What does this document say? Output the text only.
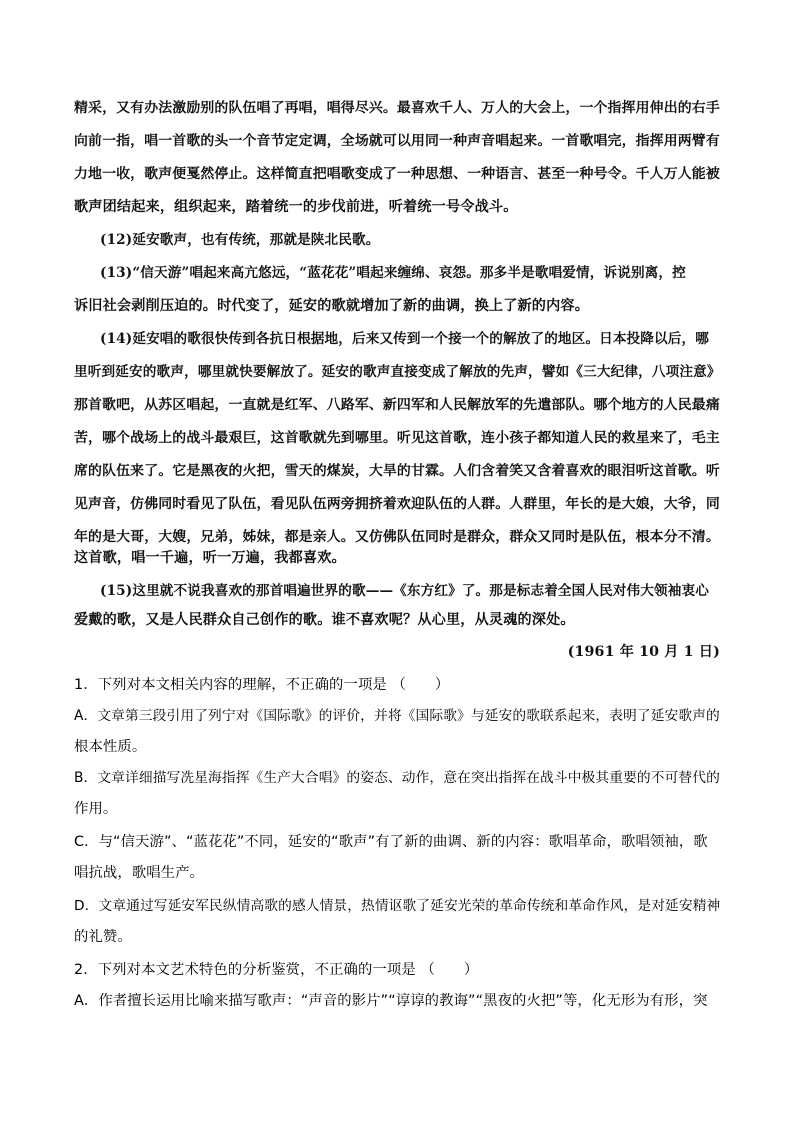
精采，又有办法激励别的队伍唱了再唱，唱得尽兴。最喜欢千人、万人的大会上，一个指挥用伸出的右手
向前一指，唱一首歌的头一个音节定定调，全场就可以用同一种声音唱起来。一首歌唱完，指挥用两臂有
力地一收，歌声便戛然停止。这样简直把唱歌变成了一种思想、一种语言、甚至一种号令。千人万人能被
歌声团结起来，组织起来，踏着统一的步伐前进，听着统一号令战斗。
(12)延安歌声，也有传统，那就是陕北民歌。
(13)“信天游”唱起来高亢悠远，“蓝花花”唱起来缠绵、哀怨。那多半是歌唱爱情，诉说别离，控
诉旧社会剥削压迫的。时代变了，延安的歌就增加了新的曲调，换上了新的内容。
(14)延安唱的歌很快传到各抗日根据地，后来又传到一个接一个的解放了的地区。日本投降以后，哪
里听到延安的歌声，哪里就快要解放了。延安的歌声直接变成了解放的先声，譬如《三大纪律，八项注意》
那首歌吧，从苏区唱起，一直就是红军、八路军、新四军和人民解放军的先遣部队。哪个地方的人民最痛
苦，哪个战场上的战斗最艰巨，这首歌就先到哪里。听见这首歌，连小孩子都知道人民的救星来了，毛主
席的队伍来了。它是黑夜的火把，雪天的煤炭，大旱的甘霖。人们含着笑又含着喜欢的眼泪听这首歌。听
见声音，仿佛同时看见了队伍，看见队伍两旁拥挤着欢迎队伍的人群。人群里，年长的是大娘，大爷，同
年的是大哥，大嫂，兄弟，姊妹，都是亲人。又仿佛队伍同时是群众，群众又同时是队伍，根本分不清。
这首歌，唱一千遍，听一万遍，我都喜欢。
(15)这里就不说我喜欢的那首唱遍世界的歌——《东方红》了。那是标志着全国人民对伟大领袖衷心
爱戴的歌，又是人民群众自己创作的歌。谁不喜欢呢？从心里，从灵魂的深处。
(1961 年 10 月 1 日)
1．下列对本文相关内容的理解，不正确的一项是 （　　）
A．文章第三段引用了列宁对《国际歌》的评价，并将《国际歌》与延安的歌联系起来，表明了延安歌声的
根本性质。
B．文章详细描写冼星海指挥《生产大合唱》的姿态、动作，意在突出指挥在战斗中极其重要的不可替代的
作用。
C．与“信天游”、“蓝花花”不同，延安的“歌声”有了新的曲调、新的内容：歌唱革命，歌唱领袖，歌
唱抗战，歌唱生产。
D．文章通过写延安军民纵情高歌的感人情景，热情讴歌了延安光荣的革命传统和革命作风，是对延安精神
的礼赞。
2．下列对本文艺术特色的分析鉴赏，不正确的一项是 （　　）
A．作者擅长运用比喻来描写歌声：“声音的影片”“谆谆的教诲”“黑夜的火把”等，化无形为有形，突
